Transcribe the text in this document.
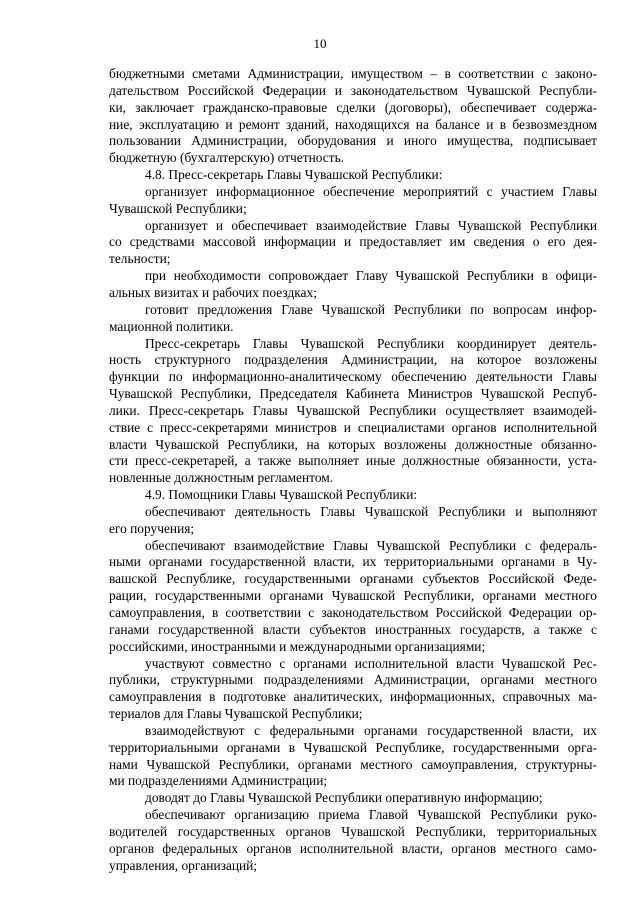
10
бюджетными сметами Администрации, имуществом – в соответствии с законо-
дательством Российской Федерации и законодательством Чувашской Республи-
ки, заключает гражданско-правовые сделки (договоры), обеспечивает содержа-
ние, эксплуатацию и ремонт зданий, находящихся на балансе и в безвозмездном
пользовании Администрации, оборудования и иного имущества, подписывает
бюджетную (бухгалтерскую) отчетность.
4.8. Пресс-секретарь Главы Чувашской Республики:
организует информационное обеспечение мероприятий с участием Главы
Чувашской Республики;
организует и обеспечивает взаимодействие Главы Чувашской Республики
со средствами массовой информации и предоставляет им сведения о его дея-
тельности;
при необходимости сопровождает Главу Чувашской Республики в офици-
альных визитах и рабочих поездках;
готовит предложения Главе Чувашской Республики по вопросам инфор-
мационной политики.
Пресс-секретарь Главы Чувашской Республики координирует деятель-
ность структурного подразделения Администрации, на которое возложены
функции по информационно-аналитическому обеспечению деятельности Главы
Чувашской Республики, Председателя Кабинета Министров Чувашской Респуб-
лики. Пресс-секретарь Главы Чувашской Республики осуществляет взаимодей-
ствие с пресс-секретарями министров и специалистами органов исполнительной
власти Чувашской Республики, на которых возложены должностные обязанно-
сти пресс-секретарей, а также выполняет иные должностные обязанности, уста-
новленные должностным регламентом.
4.9. Помощники Главы Чувашской Республики:
обеспечивают деятельность Главы Чувашской Республики и выполняют
его поручения;
обеспечивают взаимодействие Главы Чувашской Республики с федераль-
ными органами государственной власти, их территориальными органами в Чу-
вашской Республике, государственными органами субъектов Российской Феде-
рации, государственными органами Чувашской Республики, органами местного
самоуправления, в соответствии с законодательством Российской Федерации ор-
ганами государственной власти субъектов иностранных государств, а также с
российскими, иностранными и международными организациями;
участвуют совместно с органами исполнительной власти Чувашской Рес-
публики, структурными подразделениями Администрации, органами местного
самоуправления в подготовке аналитических, информационных, справочных ма-
териалов для Главы Чувашской Республики;
взаимодействуют с федеральными органами государственной власти, их
территориальными органами в Чувашской Республике, государственными орга-
нами Чувашской Республики, органами местного самоуправления, структурны-
ми подразделениями Администрации;
доводят до Главы Чувашской Республики оперативную информацию;
обеспечивают организацию приема Главой Чувашской Республики руко-
водителей государственных органов Чувашской Республики, территориальных
органов федеральных органов исполнительной власти, органов местного само-
управления, организаций;
